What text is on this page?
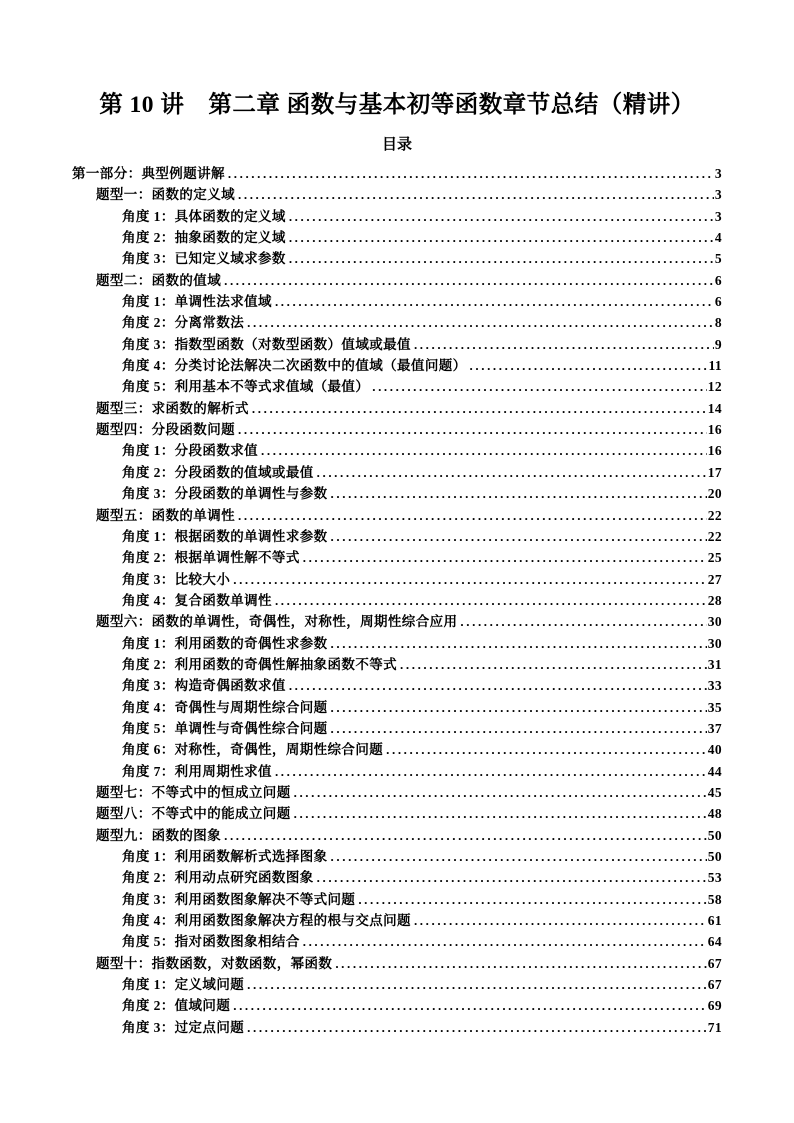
第 10 讲　第二章 函数与基本初等函数章节总结（精讲）
目录
第一部分：典型例题讲解 .....	3
题型一：函数的定义域 .....	3
角度 1：具体函数的定义域 .....	3
角度 2：抽象函数的定义域 .....	4
角度 3：已知定义域求参数 .....	5
题型二：函数的值域 .....	6
角度 1：单调性法求值域 .....	6
角度 2：分离常数法 .....	8
角度 3：指数型函数（对数型函数）值域或最值 .....	9
角度 4：分类讨论法解决二次函数中的值域（最值问题） .....	11
角度 5：利用基本不等式求值域（最值） .....	12
题型三：求函数的解析式 .....	14
题型四：分段函数问题 .....	16
角度 1：分段函数求值 .....	16
角度 2：分段函数的值域或最值 .....	17
角度 3：分段函数的单调性与参数 .....	20
题型五：函数的单调性 .....	22
角度 1：根据函数的单调性求参数 .....	22
角度 2：根据单调性解不等式 .....	25
角度 3：比较大小 .....	27
角度 4：复合函数单调性 .....	28
题型六：函数的单调性，奇偶性，对称性，周期性综合应用 .....	30
角度 1：利用函数的奇偶性求参数 .....	30
角度 2：利用函数的奇偶性解抽象函数不等式 .....	31
角度 3：构造奇偶函数求值 .....	33
角度 4：奇偶性与周期性综合问题 .....	35
角度 5：单调性与奇偶性综合问题 .....	37
角度 6：对称性，奇偶性，周期性综合问题 .....	40
角度 7：利用周期性求值 .....	44
题型七：不等式中的恒成立问题 .....	45
题型八：不等式中的能成立问题 .....	48
题型九：函数的图象 .....	50
角度 1：利用函数解析式选择图象 .....	50
角度 2：利用动点研究函数图象 .....	53
角度 3：利用函数图象解决不等式问题 .....	58
角度 4：利用函数图象解决方程的根与交点问题 .....	61
角度 5：指对函数图象相结合 .....	64
题型十：指数函数，对数函数，幂函数 .....	67
角度 1：定义域问题 .....	67
角度 2：值域问题 .....	69
角度 3：过定点问题 .....	71
